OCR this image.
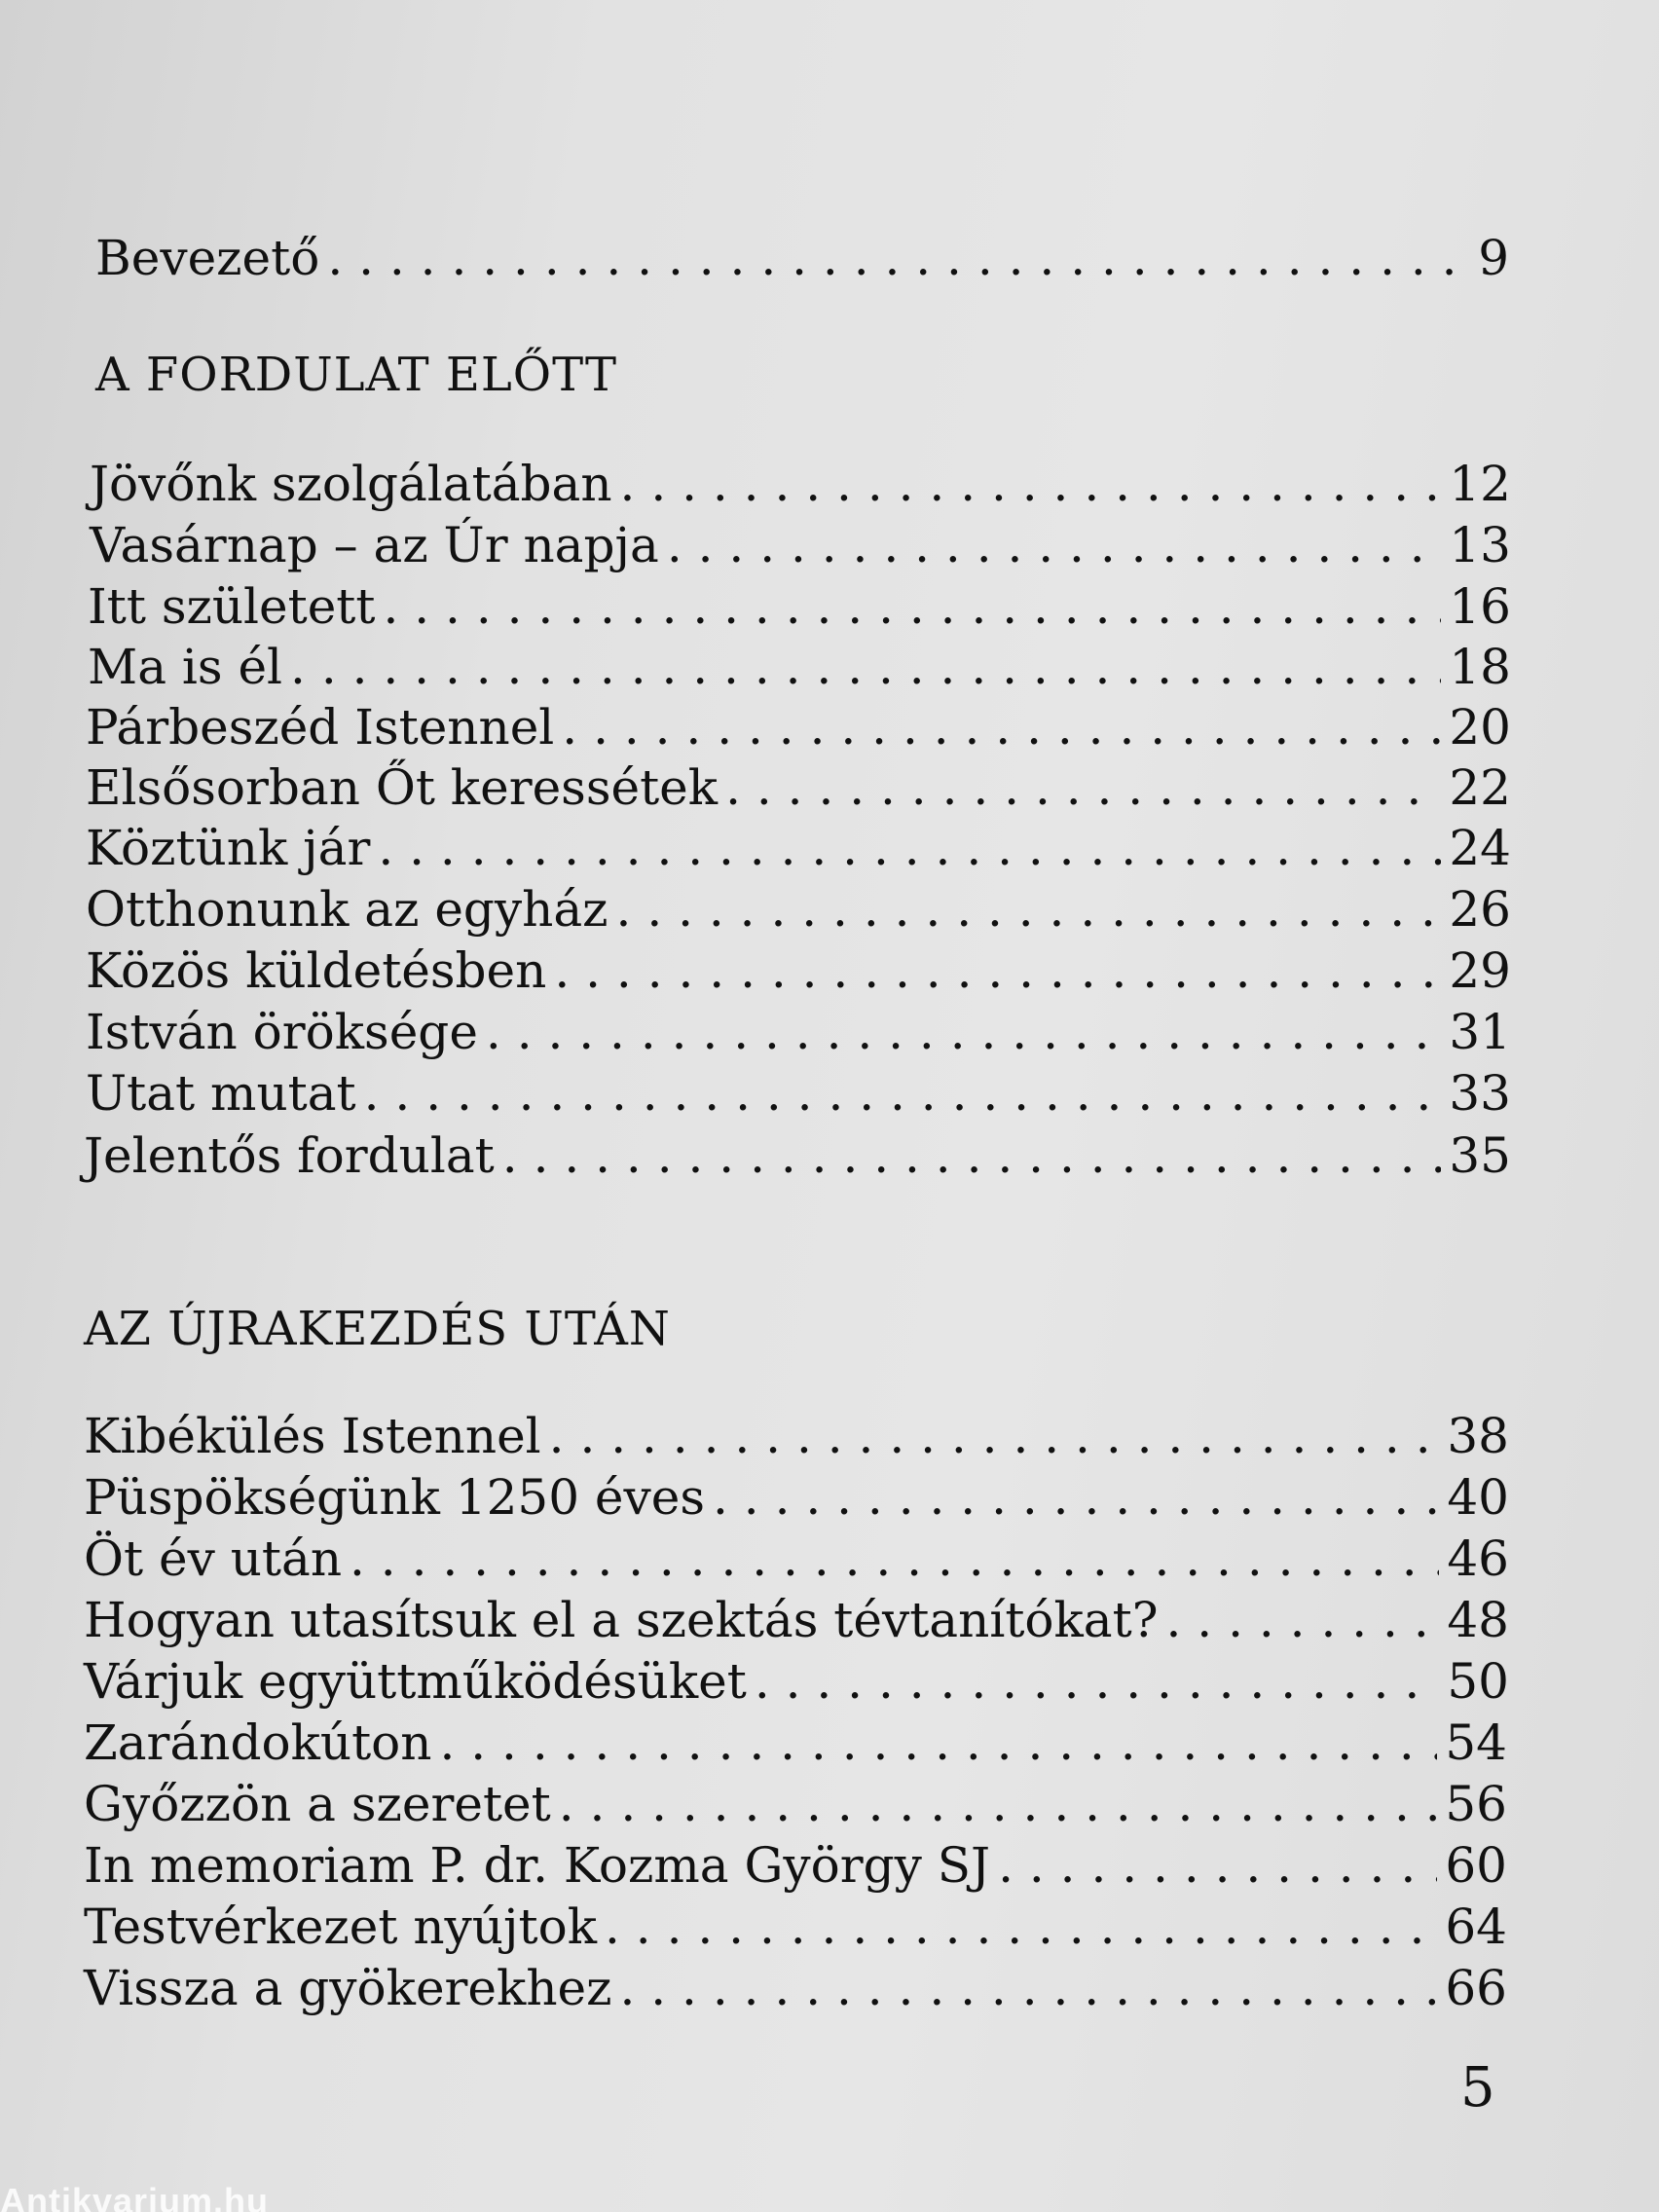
Bevezető . . .	9
A FORDULAT ELŐTT
Jövőnk szolgálatában . . .	12
Vasárnap – az Úr napja . . .	13
Itt született . . .	16
Ma is él . . .	18
Párbeszéd Istennel . . .	20
Elsősorban Őt keressétek . . .	22
Köztünk jár . . .	24
Otthonunk az egyház . . .	26
Közös küldetésben . . .	29
István öröksége . . .	31
Utat mutat . . .	33
Jelentős fordulat . . .	35
AZ ÚJRAKEZDÉS UTÁN
Kibékülés Istennel . . .	38
Püspökségünk 1250 éves . . .	40
Öt év után . . .	46
Hogyan utasítsuk el a szektás tévtanítókat? . . .	48
Várjuk együttműködésüket . . .	50
Zarándokúton . . .	54
Győzzön a szeretet . . .	56
In memoriam P. dr. Kozma György SJ . . .	60
Testvérkezet nyújtok . . .	64
Vissza a gyökerekhez . . .	66
5
Antikvarium.hu
